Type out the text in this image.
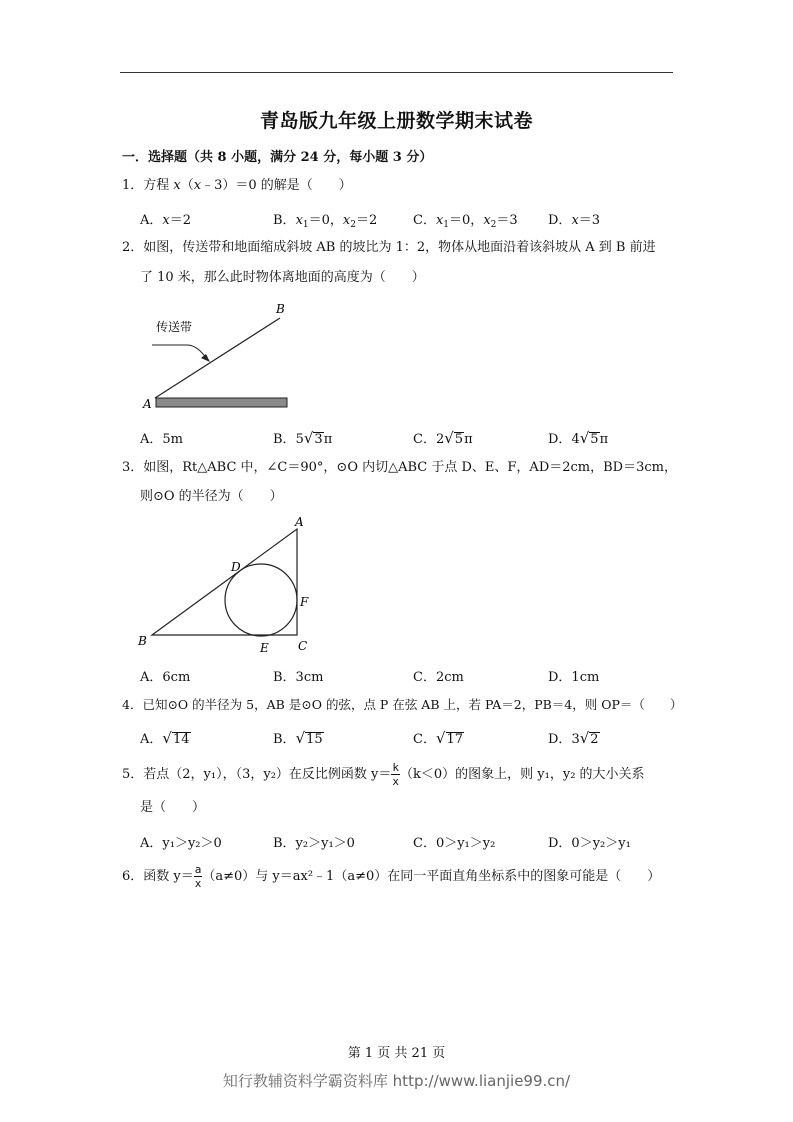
青岛版九年级上册数学期末试卷
一．选择题（共 8 小题，满分 24 分，每小题 3 分）
1．方程 x（x﹣3）＝0 的解是（　　）
A．x＝2	B．$x_1=0$，$x_2=2$	C．$x_1=0$，$x_2=3$ D．x＝3
2．如图，传送带和地面缩成斜坡 AB 的坡比为 1：2，物体从地面沿着该斜坡从 A 到 B 前进
了 10 米，那么此时物体离地面的高度为（　　）
传送带
A
B
A．5m	B．5√3π	C．2√5π	D．4√5π
3．如图，Rt△ABC 中，∠C＝90°，⊙O 内切△ABC 于点 D、E、F，AD＝2cm，BD＝3cm，
则⊙O 的半径为（　　）
A
B	C
D
E
F
A．6cm	B．3cm	C．2cm	D．1cm
4．已知⊙O 的半径为 5，AB 是⊙O 的弦，点 P 在弦 AB 上，若 PA＝2，PB＝4，则 OP＝（　　）
A．√14	B．√15	C．√17	D．3√2
5．若点（2，y₁），（3，y₂）在反比例函数 $y= \frac{k}{x} (k<0)$的图象上，则 y₁，y₂ 的大小关系
是（　　）
A．y₁＞y₂＞0	B．y₂＞y₁＞0	C．0＞y₁＞y₂	D．0＞y₂＞y₁
6．函数 $y= \frac{a}{x} (a\ne 0)$与 y＝ax²﹣1（a≠0）在同一平面直角坐标系中的图象可能是（　　）
第 1 页 共 21 页
知行教辅资料学霸资料库 http://www.lianjie99.cn/
